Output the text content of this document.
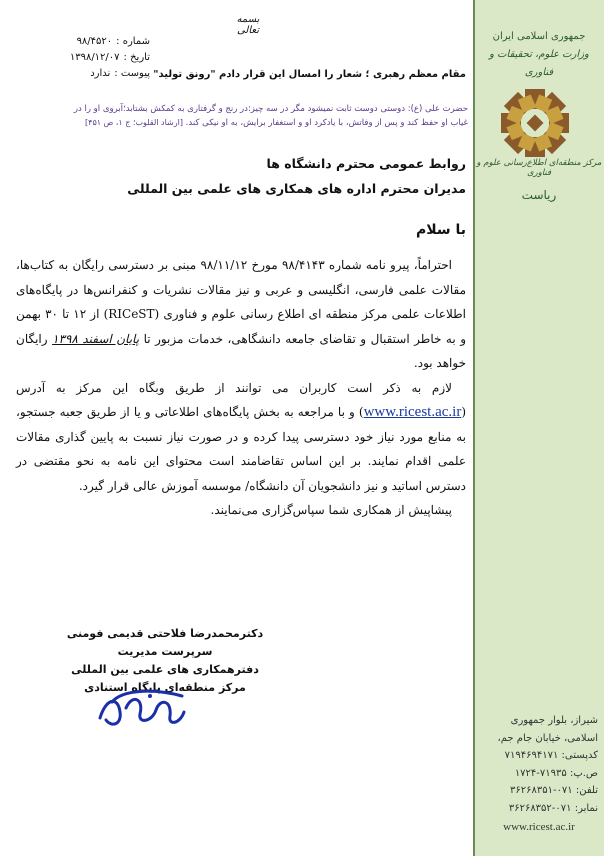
جمهوری اسلامی ایران
وزارت علوم، تحقیقات و فناوری
مرکز منطقه‌ای اطلاع‌رسانی علوم و فناوری
ریاست
شیراز، بلوار جمهوری
اسلامی، خیابان جام جم،
کدپستی: ۷۱۹۴۶۹۴۱۷۱
ص.پ: ۷۱۹۳۵-۱۷۲۴
تلفن: ۰۷۱-۳۶۲۶۸۳۵۱
نمابر: ۰۷۱-۳۶۲۶۸۳۵۲
www.ricest.ac.ir
بسمه تعالی
شماره :
۹۸/۴۵۲۰
تاریخ :
۱۳۹۸/۱۲/۰۷
پیوست :
ندارد	مقام معظم رهبری ؛ شعار را امسال این قرار دادم "رونق تولید"
حضرت علی (ع): دوستی دوست ثابت نمیشود مگر در سه چیز:در رنج و گرفتاری به کمکش بشتابد؛آبروی او را در
غیاب او حفظ کند و پس از وفاتش، با یادکرد او و استغفار برایش، به او نیکی کند. [ارشاد القلوب؛ ج ۱، ص ۴۵۱]
روابط عمومی محترم دانشگاه ها
مدیران محترم اداره های همکاری های علمی بین المللی
با سلام

احتراماً، پیرو نامه شماره ۹۸/۴۱۴۳ مورخ ۹۸/۱۱/۱۲ مبنی بر دسترسی رایگان به کتاب‌ها، مقالات علمی فارسی، انگلیسی و عربی و نیز مقالات نشریات و کنفرانس‌ها در پایگاه‌های اطلاعات علمی مرکز منطقه ای اطلاع رسانی علوم و فناوری (RICeST) از ۱۲ تا ۳۰ بهمن و به خاطر استقبال و تقاضای جامعه دانشگاهی، خدمات مزبور تا پایان اسفند ۱۳۹۸ رایگان خواهد بود.

لازم به ذکر است کاربران می توانند از طریق وبگاه این مرکز به آدرس (www.ricest.ac.ir) و با مراجعه به بخش پایگاه‌های اطلاعاتی و یا از طریق جعبه جستجو، به منابع مورد نیاز خود دسترسی پیدا کرده و در صورت نیاز نسبت به پایین گذاری مقالات علمی اقدام نمایند. بر این اساس تقاضامند است محتوای این نامه به نحو مقتضی در دسترس اساتید و نیز دانشجویان آن دانشگاه/ موسسه آموزش عالی قرار گیرد.

پیشاپیش از همکاری شما سپاس‌گزاری می‌نمایند.

دکترمحمدرضا فلاحتی قدیمی فومنی
سرپرست مدیریت
دفترهمکاری های علمی بین المللی
مرکز منطقه‌ای پایگاه استنادی
